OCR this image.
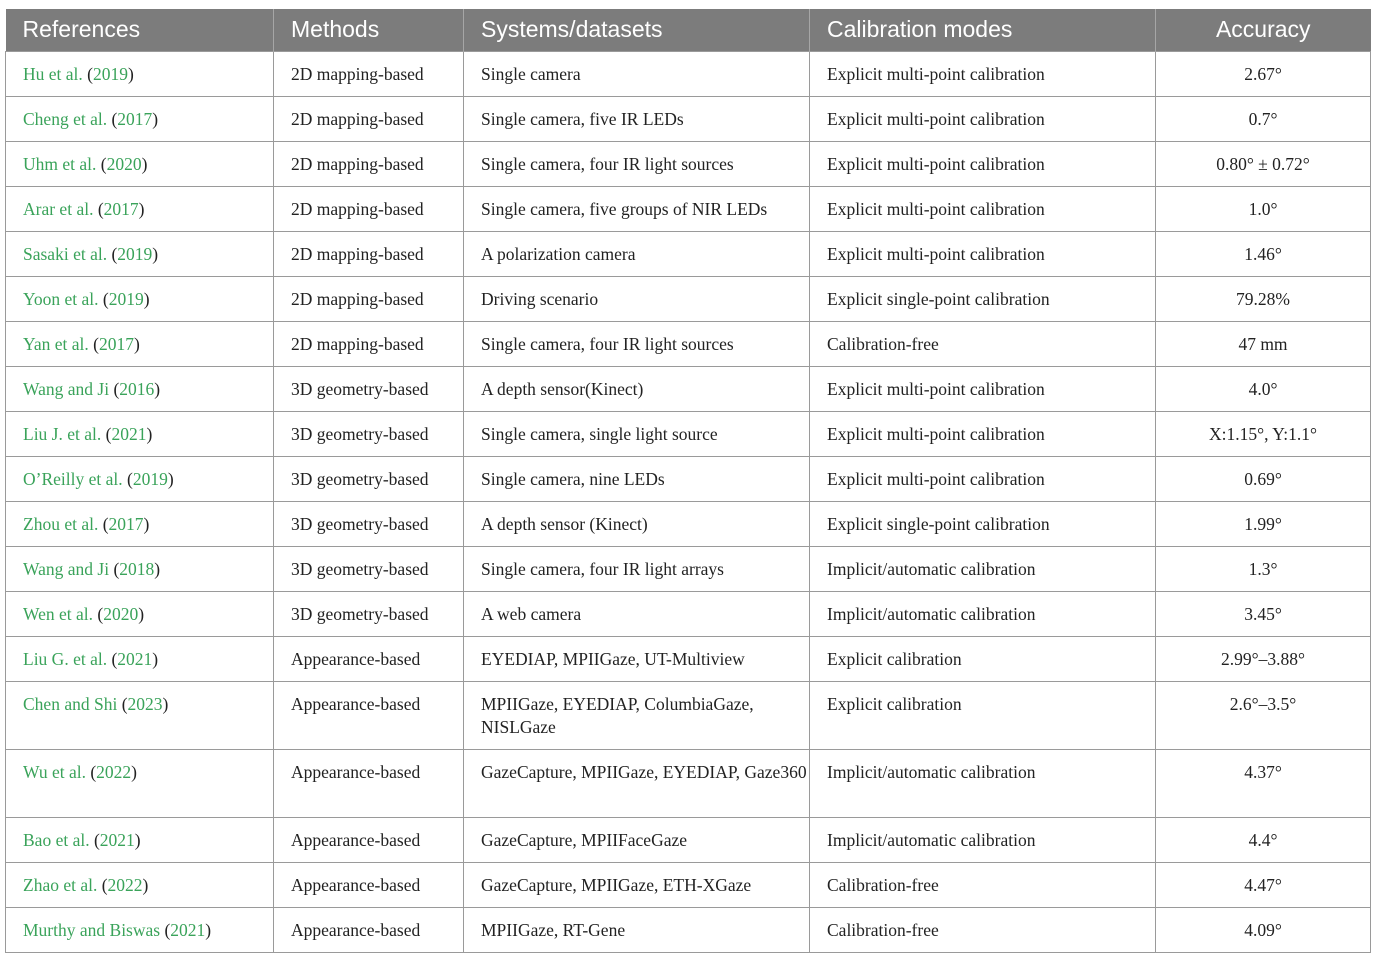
References	Methods	Systems/datasets	Calibration modes	Accuracy
Hu et al. (2019)	2D mapping-based	Single camera	Explicit multi-point calibration	2.67°
Cheng et al. (2017)	2D mapping-based	Single camera, five IR LEDs	Explicit multi-point calibration	0.7°
Uhm et al. (2020)	2D mapping-based	Single camera, four IR light sources	Explicit multi-point calibration	0.80° ± 0.72°
Arar et al. (2017)	2D mapping-based	Single camera, five groups of NIR LEDs	Explicit multi-point calibration	1.0°
Sasaki et al. (2019)	2D mapping-based	A polarization camera	Explicit multi-point calibration	1.46°
Yoon et al. (2019)	2D mapping-based	Driving scenario	Explicit single-point calibration	79.28%
Yan et al. (2017)	2D mapping-based	Single camera, four IR light sources	Calibration-free	47 mm
Wang and Ji (2016)	3D geometry-based	A depth sensor(Kinect)	Explicit multi-point calibration	4.0°
Liu J. et al. (2021)	3D geometry-based	Single camera, single light source	Explicit multi-point calibration	X:1.15°, Y:1.1°
O’Reilly et al. (2019)	3D geometry-based	Single camera, nine LEDs	Explicit multi-point calibration	0.69°
Zhou et al. (2017)	3D geometry-based	A depth sensor (Kinect)	Explicit single-point calibration	1.99°
Wang and Ji (2018)	3D geometry-based	Single camera, four IR light arrays	Implicit/automatic calibration	1.3°
Wen et al. (2020)	3D geometry-based	A web camera	Implicit/automatic calibration	3.45°
Liu G. et al. (2021)	Appearance-based	EYEDIAP, MPIIGaze, UT-Multiview	Explicit calibration	2.99°–3.88°
Chen and Shi (2023)	Appearance-based	MPIIGaze, EYEDIAP, ColumbiaGaze, NISLGaze	Explicit calibration	2.6°–3.5°
Wu et al. (2022)	Appearance-based	GazeCapture, MPIIGaze, EYEDIAP, Gaze360	Implicit/automatic calibration	4.37°
Bao et al. (2021)	Appearance-based	GazeCapture, MPIIFaceGaze	Implicit/automatic calibration	4.4°
Zhao et al. (2022)	Appearance-based	GazeCapture, MPIIGaze, ETH-XGaze	Calibration-free	4.47°
Murthy and Biswas (2021)	Appearance-based	MPIIGaze, RT-Gene	Calibration-free	4.09°
